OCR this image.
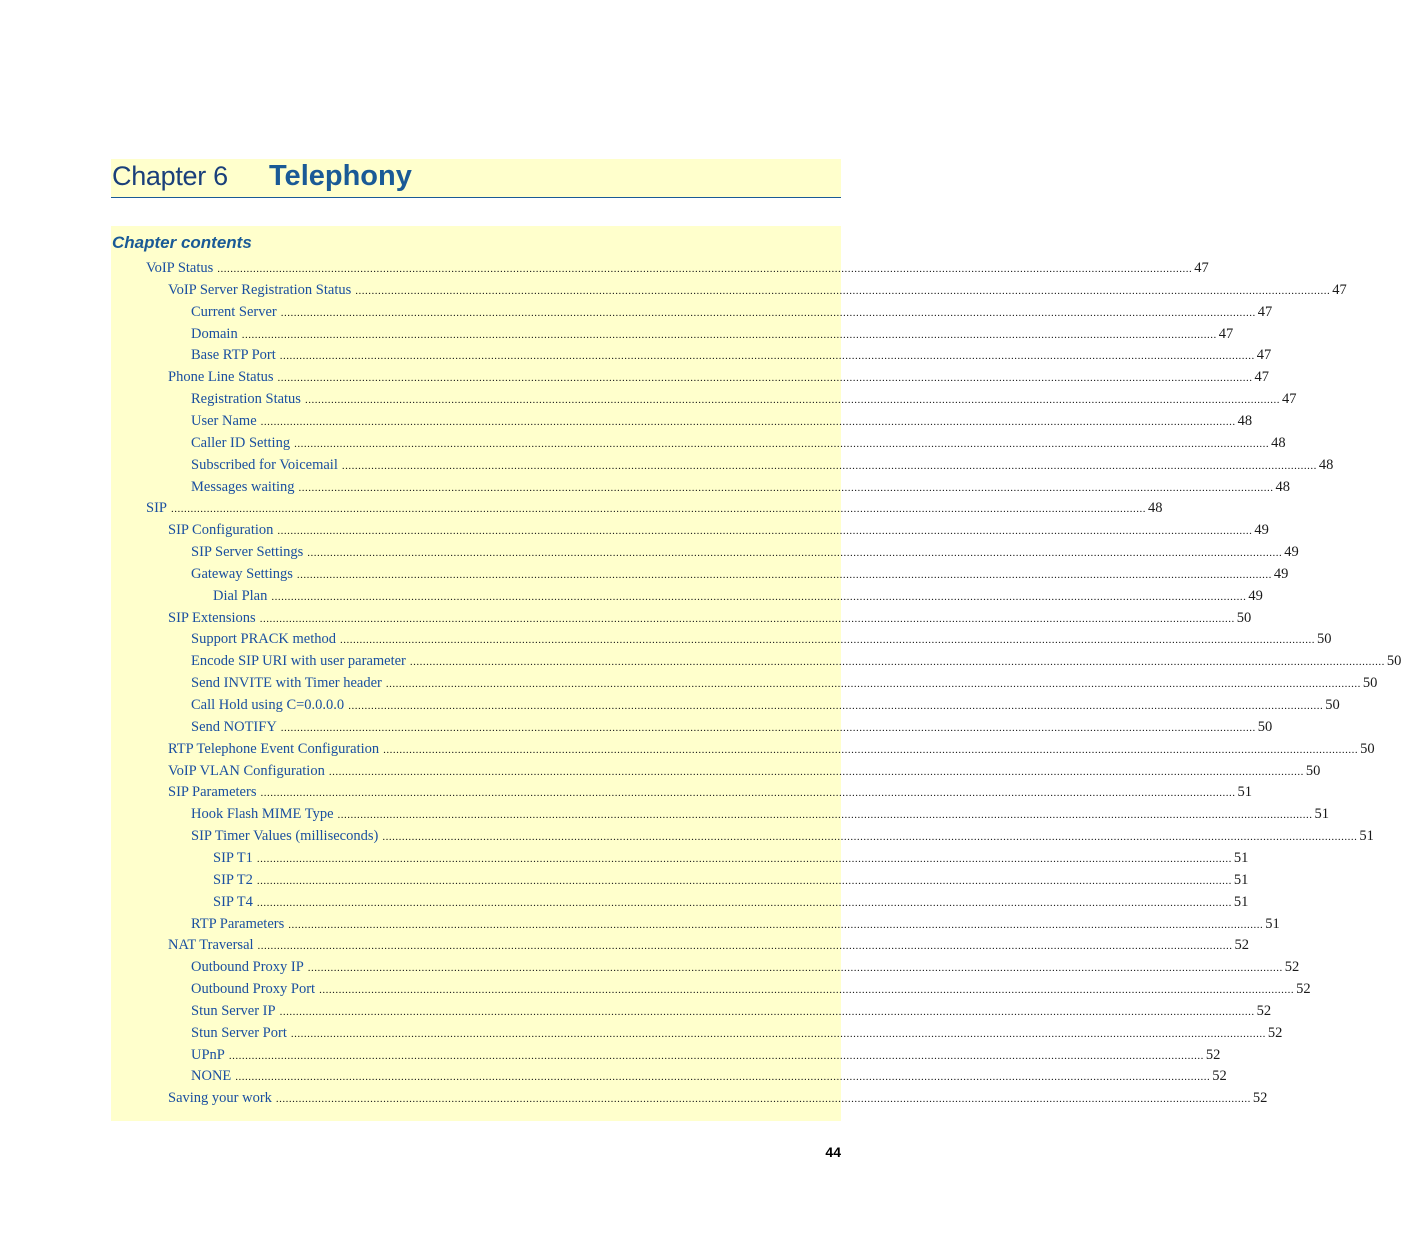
Chapter 6 Telephony
Chapter contents
VoIP Status ............................................................................................................................................................................................................................................................................................................ 47
VoIP Server Registration Status ............................................................................................................................................................................................................................................................................................................ 47
Current Server ............................................................................................................................................................................................................................................................................................................ 47
Domain ............................................................................................................................................................................................................................................................................................................ 47
Base RTP Port ............................................................................................................................................................................................................................................................................................................ 47
Phone Line Status ............................................................................................................................................................................................................................................................................................................ 47
Registration Status ............................................................................................................................................................................................................................................................................................................ 47
User Name ............................................................................................................................................................................................................................................................................................................ 48
Caller ID Setting ............................................................................................................................................................................................................................................................................................................ 48
Subscribed for Voicemail ............................................................................................................................................................................................................................................................................................................ 48
Messages waiting ............................................................................................................................................................................................................................................................................................................ 48
SIP ............................................................................................................................................................................................................................................................................................................ 48
SIP Configuration ............................................................................................................................................................................................................................................................................................................ 49
SIP Server Settings ............................................................................................................................................................................................................................................................................................................ 49
Gateway Settings ............................................................................................................................................................................................................................................................................................................ 49
Dial Plan ............................................................................................................................................................................................................................................................................................................ 49
SIP Extensions ............................................................................................................................................................................................................................................................................................................ 50
Support PRACK method ............................................................................................................................................................................................................................................................................................................ 50
Encode SIP URI with user parameter ............................................................................................................................................................................................................................................................................................................ 50
Send INVITE with Timer header ............................................................................................................................................................................................................................................................................................................ 50
Call Hold using C=0.0.0.0 ............................................................................................................................................................................................................................................................................................................ 50
Send NOTIFY ............................................................................................................................................................................................................................................................................................................ 50
RTP Telephone Event Configuration ............................................................................................................................................................................................................................................................................................................ 50
VoIP VLAN Configuration ............................................................................................................................................................................................................................................................................................................ 50
SIP Parameters ............................................................................................................................................................................................................................................................................................................ 51
Hook Flash MIME Type ............................................................................................................................................................................................................................................................................................................ 51
SIP Timer Values (milliseconds) ............................................................................................................................................................................................................................................................................................................ 51
SIP T1 ............................................................................................................................................................................................................................................................................................................ 51
SIP T2 ............................................................................................................................................................................................................................................................................................................ 51
SIP T4 ............................................................................................................................................................................................................................................................................................................ 51
RTP Parameters ............................................................................................................................................................................................................................................................................................................ 51
NAT Traversal ............................................................................................................................................................................................................................................................................................................ 52
Outbound Proxy IP ............................................................................................................................................................................................................................................................................................................ 52
Outbound Proxy Port ............................................................................................................................................................................................................................................................................................................ 52
Stun Server IP ............................................................................................................................................................................................................................................................................................................ 52
Stun Server Port ............................................................................................................................................................................................................................................................................................................ 52
UPnP ............................................................................................................................................................................................................................................................................................................ 52
NONE ............................................................................................................................................................................................................................................................................................................ 52
Saving your work ............................................................................................................................................................................................................................................................................................................ 52
44
